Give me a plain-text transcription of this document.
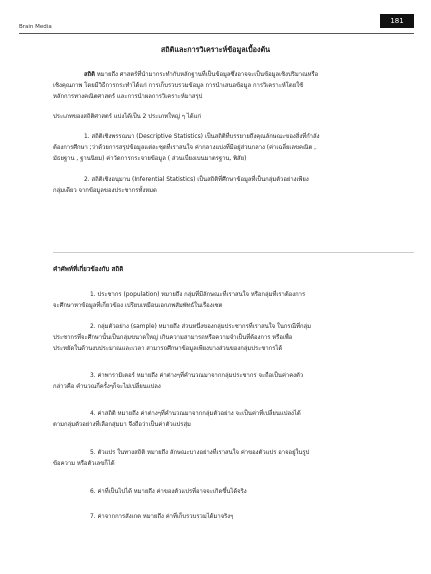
Brain Media
181
สถิติและการวิเคราะห์ข้อมูลเบื้องต้น
สถิติ หมายถึง ศาสตร์ที่นำมากระทำกับหลักฐานที่เป็นข้อมูลซึ่งอาจจะเป็นข้อมูลเชิงปริมาณหรือ
เชิงคุณภาพ โดยมีวิธีการกระทำได้แก่ การเก็บรวบรวมข้อมูล การนำเสนอข้อมูล การวิเคราะห์โดยใช้
หลักการทางคณิตศาสตร์ และการนำผลการวิเคราะห์มาสรุป
ประเภทของสถิติศาสตร์ แบ่งได้เป็น 2 ประเภทใหญ่ ๆ ได้แก่
1. สถิติเชิงพรรณนา (Descriptive Statistics) เป็นสถิติที่บรรยายถึงคุณลักษณะของสิ่งที่กำลัง
ต้องการศึกษา ;ว่าด้วยการสรุปข้อมูลแต่ละชุดที่เราสนใจ ค่ากลางแบ่งที่มีอยู่ส่วนกลาง (ค่าเฉลี่ยเลขคณิต ,
มัธยฐาน , ฐานนิยม) ค่าวัดการกระจายข้อมูล ( ส่วนเบี่ยงเบนมาตรฐาน, พิสัย)
2. สถิติเชิงอนุมาน (Inferential Statistics) เป็นสถิติที่ศึกษาข้อมูลที่เป็นกลุ่มตัวอย่างเพียง
กลุ่มเดียว จากข้อมูลของประชากรทั้งหมด
คำศัพท์ที่เกี่ยวข้องกับ สถิติ
1. ประชากร (population) หมายถึง กลุ่มที่มีลักษณะที่เราสนใจ หรือกลุ่มที่เราต้องการ
จะศึกษาหาข้อมูลที่เกี่ยวข้อง เปรียบเหมือนเอกภพสัมพัทธ์ในเรื่องเซต
2. กลุ่มตัวอย่าง (sample) หมายถึง ส่วนหนึ่งของกลุ่มประชากรที่เราสนใจ ในกรณีที่กลุ่ม
ประชากรที่จะศึกษานั้นเป็นกลุ่มขนาดใหญ่ เกินความสามารถหรือความจำเป็นที่ต้องการ หรือเพื่อ
ประหยัดในด้านงบประมาณและเวลา สามารถศึกษาข้อมูลเพียงบางส่วนของกลุ่มประชากรได้
3. ค่าพารามิเตอร์ หมายถึง ค่าต่างๆที่คำนวณมาจากกลุ่มประชากร จะถือเป็นค่าคงตัว
กล่าวคือ คำนวณกี่ครั้งๆก็จะไม่เปลี่ยนแปลง
4. ค่าสถิติ หมายถึง ค่าต่างๆที่คำนวณมาจากกลุ่มตัวอย่าง จะเป็นค่าที่เปลี่ยนแปลงได้
ตามกลุ่มตัวอย่างที่เลือกสุ่มมา จึงถือว่าเป็นค่าตัวแปรสุ่ม
5. ตัวแปร ในทางสถิติ หมายถึง ลักษณะบางอย่างที่เราสนใจ ค่าของตัวแปร อาจอยู่ในรูป
ข้อความ หรือตัวเลขก็ได้
6. ค่าที่เป็นไปได้ หมายถึง ค่าของตัวแปรที่อาจจะเกิดขึ้นได้จริง
7. ค่าจากการสังเกต หมายถึง ค่าที่เก็บรวบรวมได้มาจริงๆ
